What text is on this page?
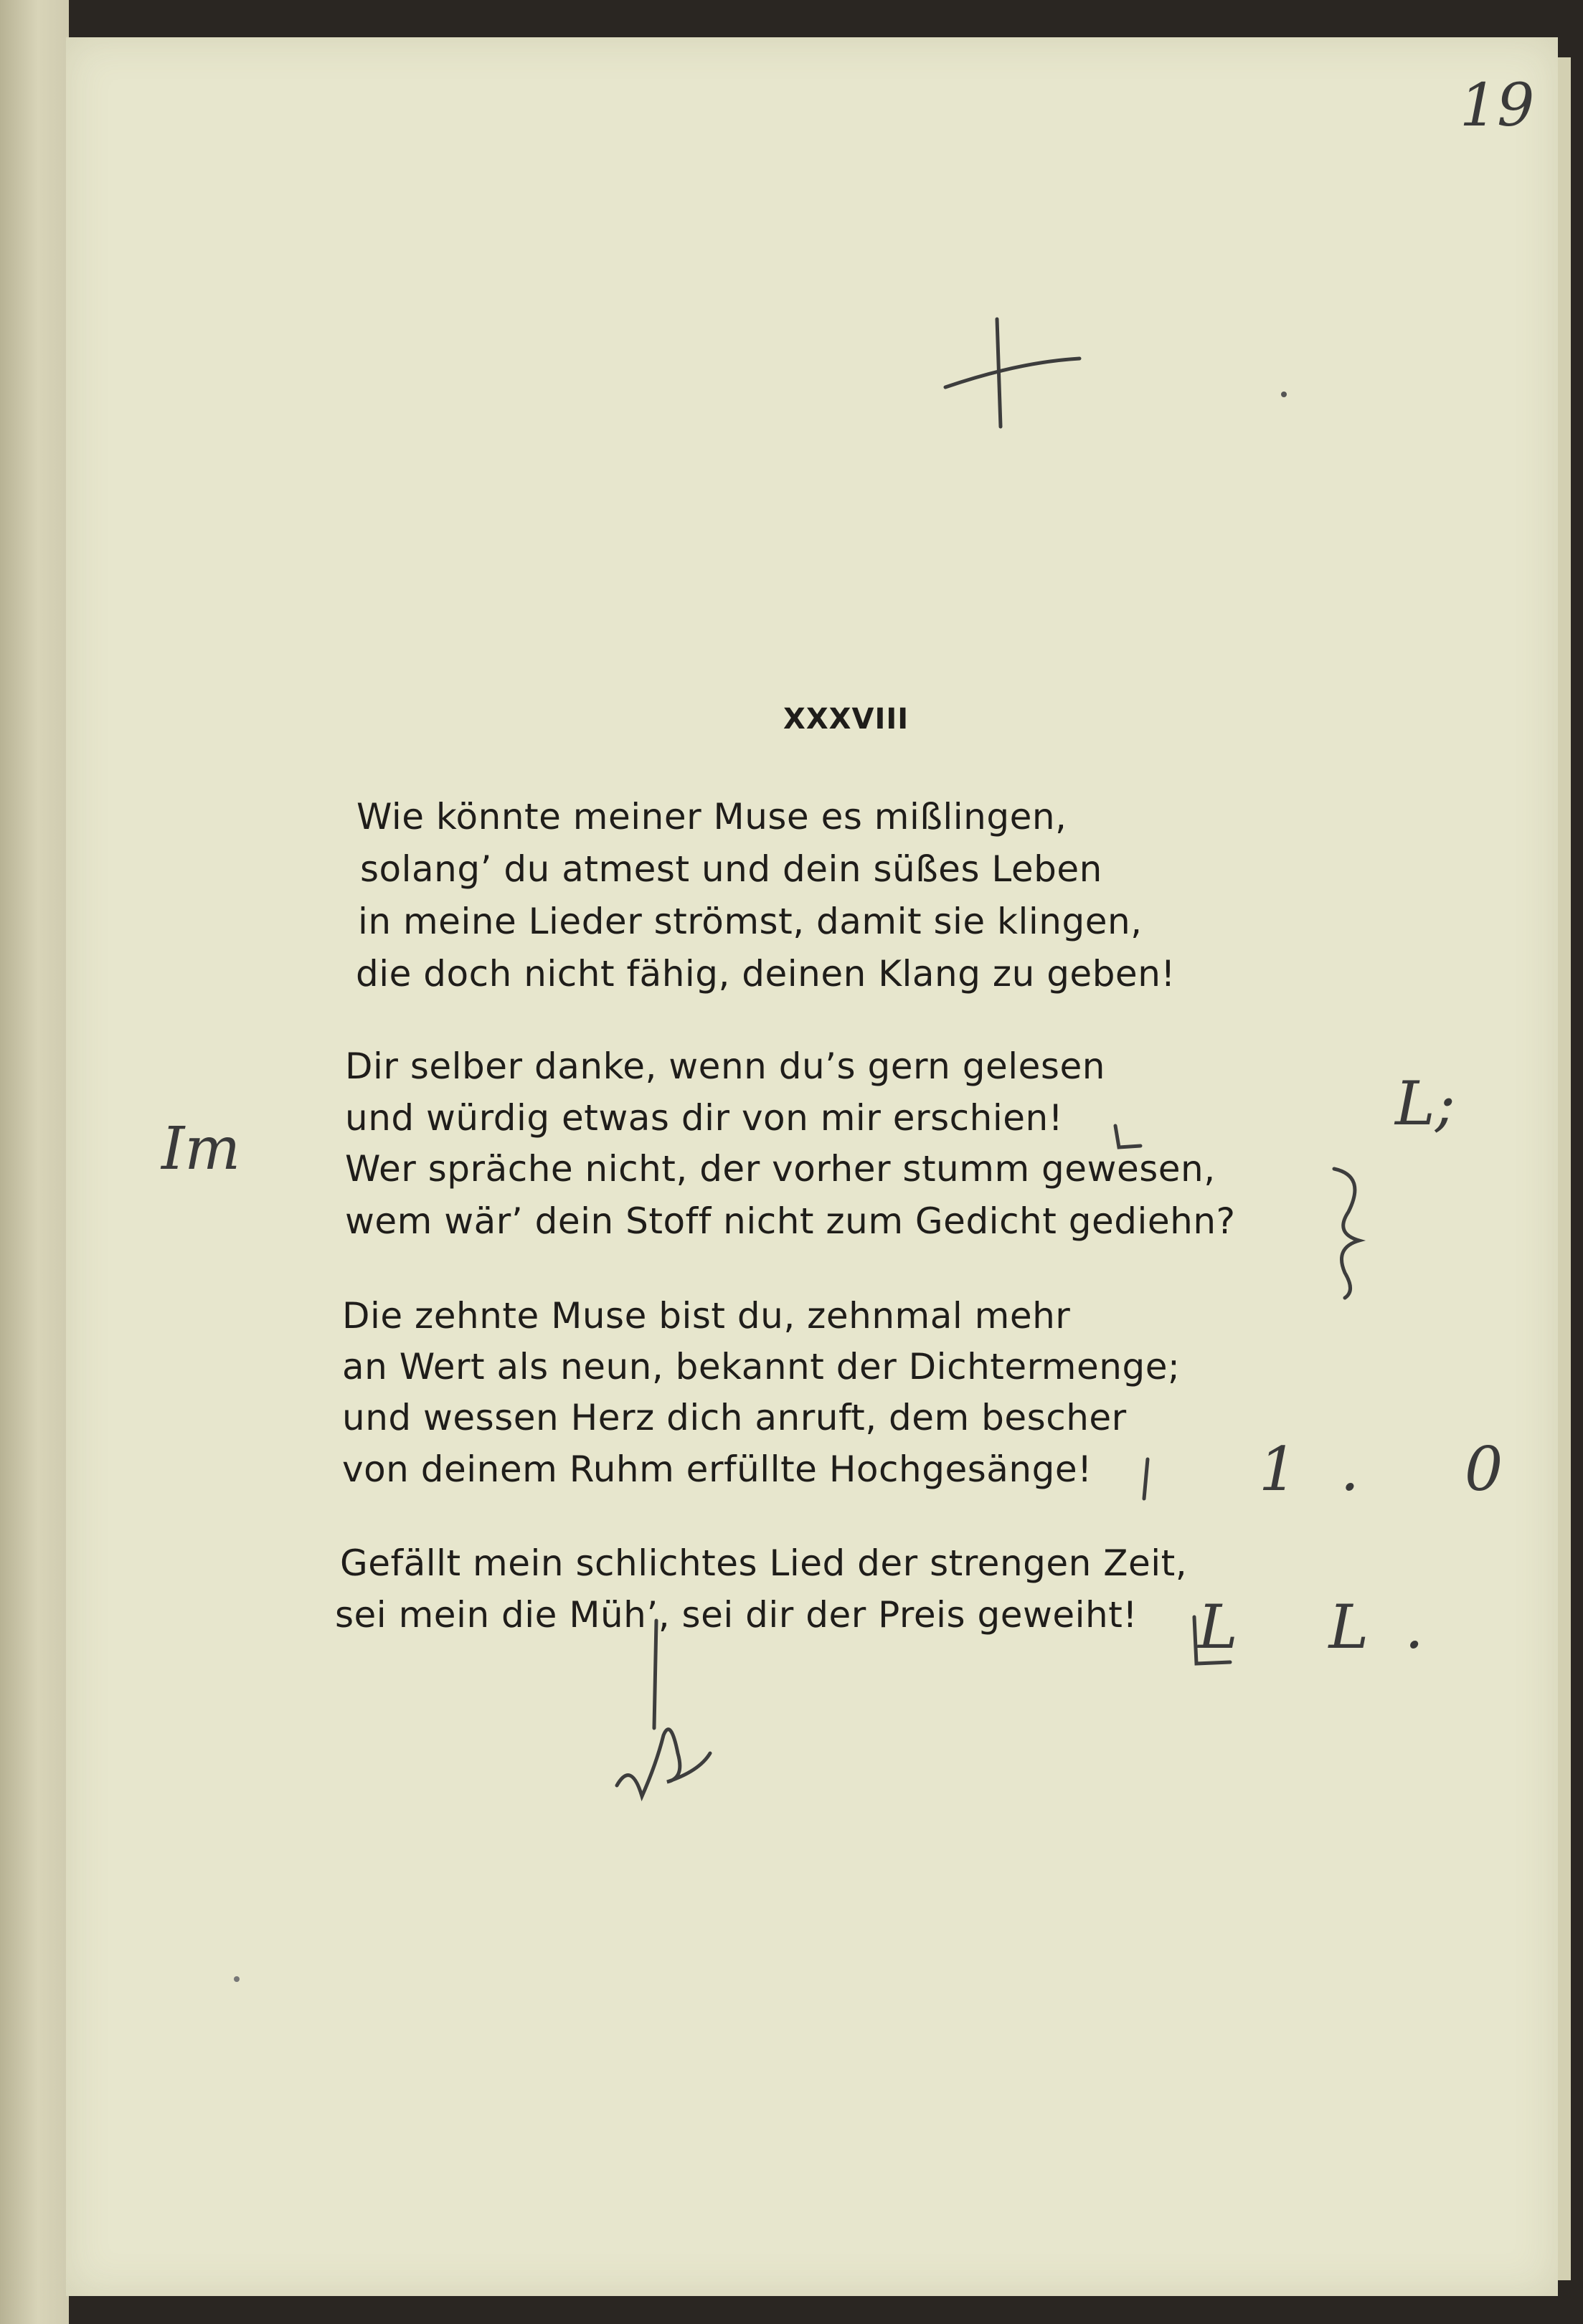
19
XXXVIII
Wie könnte meiner Muse es mißlingen,
solang’ du atmest und dein süßes Leben
in meine Lieder strömst, damit sie klingen,
die doch nicht fähig, deinen Klang zu geben!
Dir selber danke, wenn du’s gern gelesen
und würdig etwas dir von mir erschien!
Wer spräche nicht, der vorher stumm gewesen,
wem wär’ dein Stoff nicht zum Gedicht gediehn?
Die zehnte Muse bist du, zehnmal mehr
an Wert als neun, bekannt der Dichtermenge;
und wessen Herz dich anruft, dem bescher
von deinem Ruhm erfüllte Hochgesänge!
Gefällt mein schlichtes Lied der strengen Zeit,
sei mein die Müh’, sei dir der Preis geweiht!
Im
L;
1. 0
L L.
